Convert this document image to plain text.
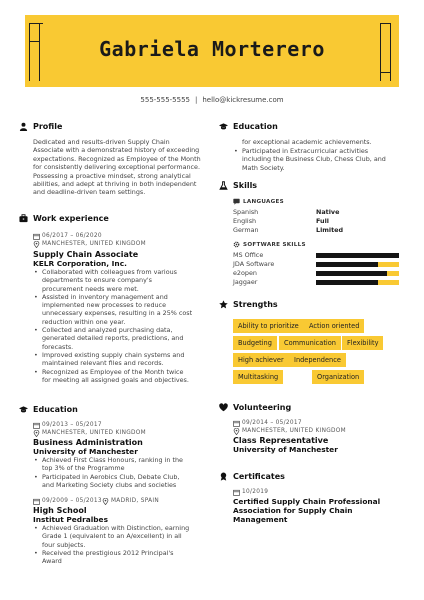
Gabriela Morterero
555-555-5555 | hello@kickresume.com
Profile
Dedicated and results-driven Supply Chain Associate with a demonstrated history of exceeding expectations. Recognized as Employee of the Month for consistently delivering exceptional performance. Possessing a proactive mindset, strong analytical abilities, and adept at thriving in both independent and deadline-driven team settings.
Work experience
06/2017 – 06/2020
MANCHESTER, UNITED KINGDOM
Supply Chain Associate
KELR Corporation, Inc.
• Collaborated with colleagues from various departments to ensure company's procurement needs were met.
• Assisted in inventory management and implemented new processes to reduce unnecessary expenses, resulting in a 25% cost reduction within one year.
• Collected and analyzed purchasing data, generated detailed reports, predictions, and forecasts.
• Improved existing supply chain systems and maintained relevant files and records.
• Recognized as Employee of the Month twice for meeting all assigned goals and objectives.
Education
09/2013 – 05/2017
MANCHESTER, UNITED KINGDOM
Business Administration
University of Manchester
• Achieved First Class Honours, ranking in the top 3% of the Programme
• Participated in Aerobics Club, Debate Club, and Marketing Society clubs and societies
09/2009 – 05/2013 MADRID, SPAIN
High School
Institut Pedralbes
• Achieved Graduation with Distinction, earning Grade 1 (equivalent to an A/excellent) in all four subjects.
• Received the prestigious 2012 Principal's Award
Education
for exceptional academic achievements.
• Participated in Extracurricular activities including the Business Club, Chess Club, and Math Society.
Skills
LANGUAGES
Spanish	Native
English	Full
German	Limited
SOFTWARE SKILLS
MS Office
JDA Software
e2open
Jaggaer
Strengths
Ability to prioritize	Action oriented
Budgeting	Communication	Flexibility
High achiever	Independence
Multitasking	Organization
Volunteering
09/2014 – 05/2017
MANCHESTER, UNITED KINGDOM
Class Representative
University of Manchester
Certificates
10/2019
Certified Supply Chain Professional Association for Supply Chain Management
